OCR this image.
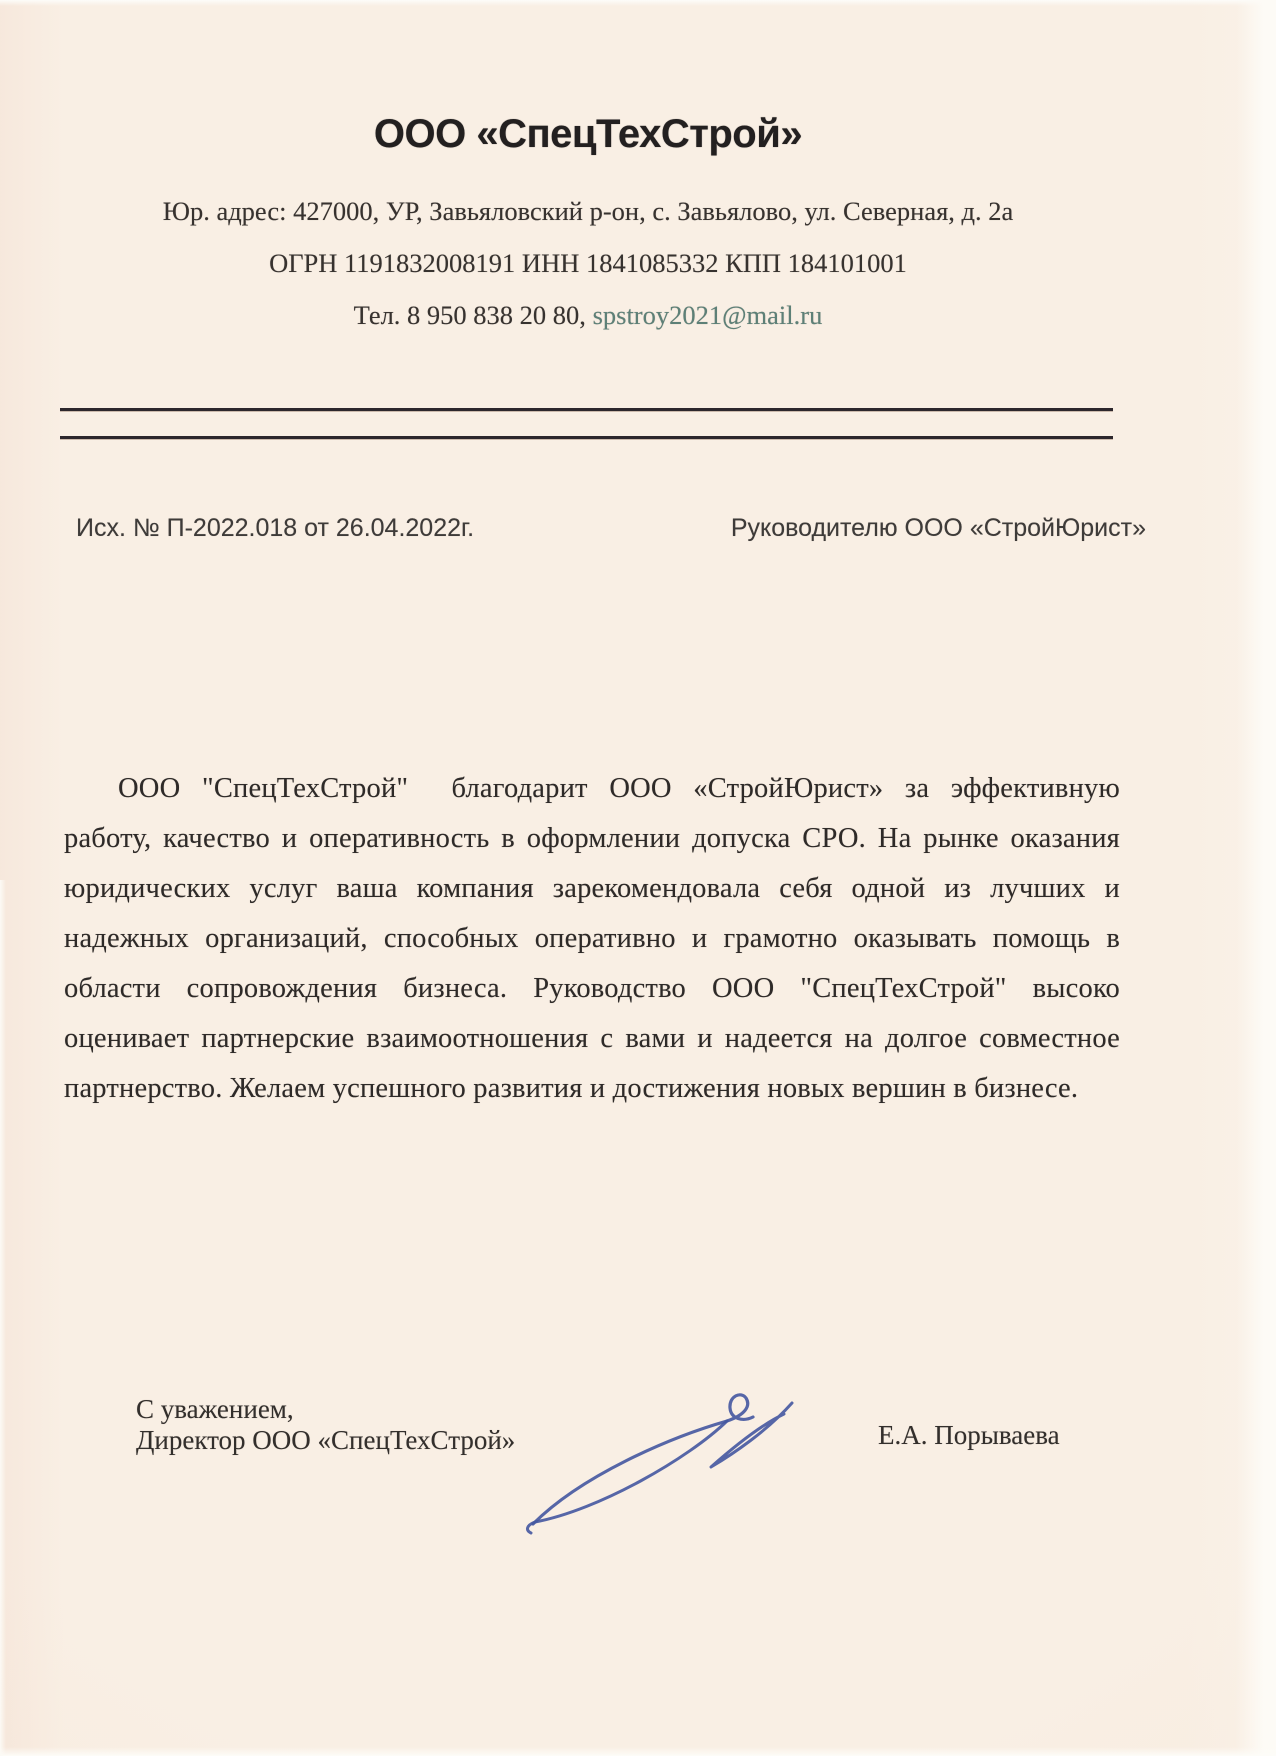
ООО «СпецТехСтрой»
Юр. адрес: 427000, УР, Завьяловский р-он, с. Завьялово, ул. Северная, д. 2а
ОГРН 1191832008191 ИНН 1841085332 КПП 184101001
Тел. 8 950 838 20 80, spstroy2021@mail.ru
Исх. № П-2022.018 от 26.04.2022г.	Руководителю ООО «СтройЮрист»
ООО "СпецТехСтрой"  благодарит ООО «СтройЮрист» за эффективную
работу, качество и оперативность в оформлении допуска СРО. На рынке оказания
юридических услуг ваша компания зарекомендовала себя одной из лучших и
надежных организаций, способных оперативно и грамотно оказывать помощь в
области сопровождения бизнеса. Руководство ООО "СпецТехСтрой" высоко
оценивает партнерские взаимоотношения с вами и надеется на долгое совместное
партнерство. Желаем успешного развития и достижения новых вершин в бизнесе.
С уважением,
Директор ООО «СпецТехСтрой»	Е.А. Порываева
